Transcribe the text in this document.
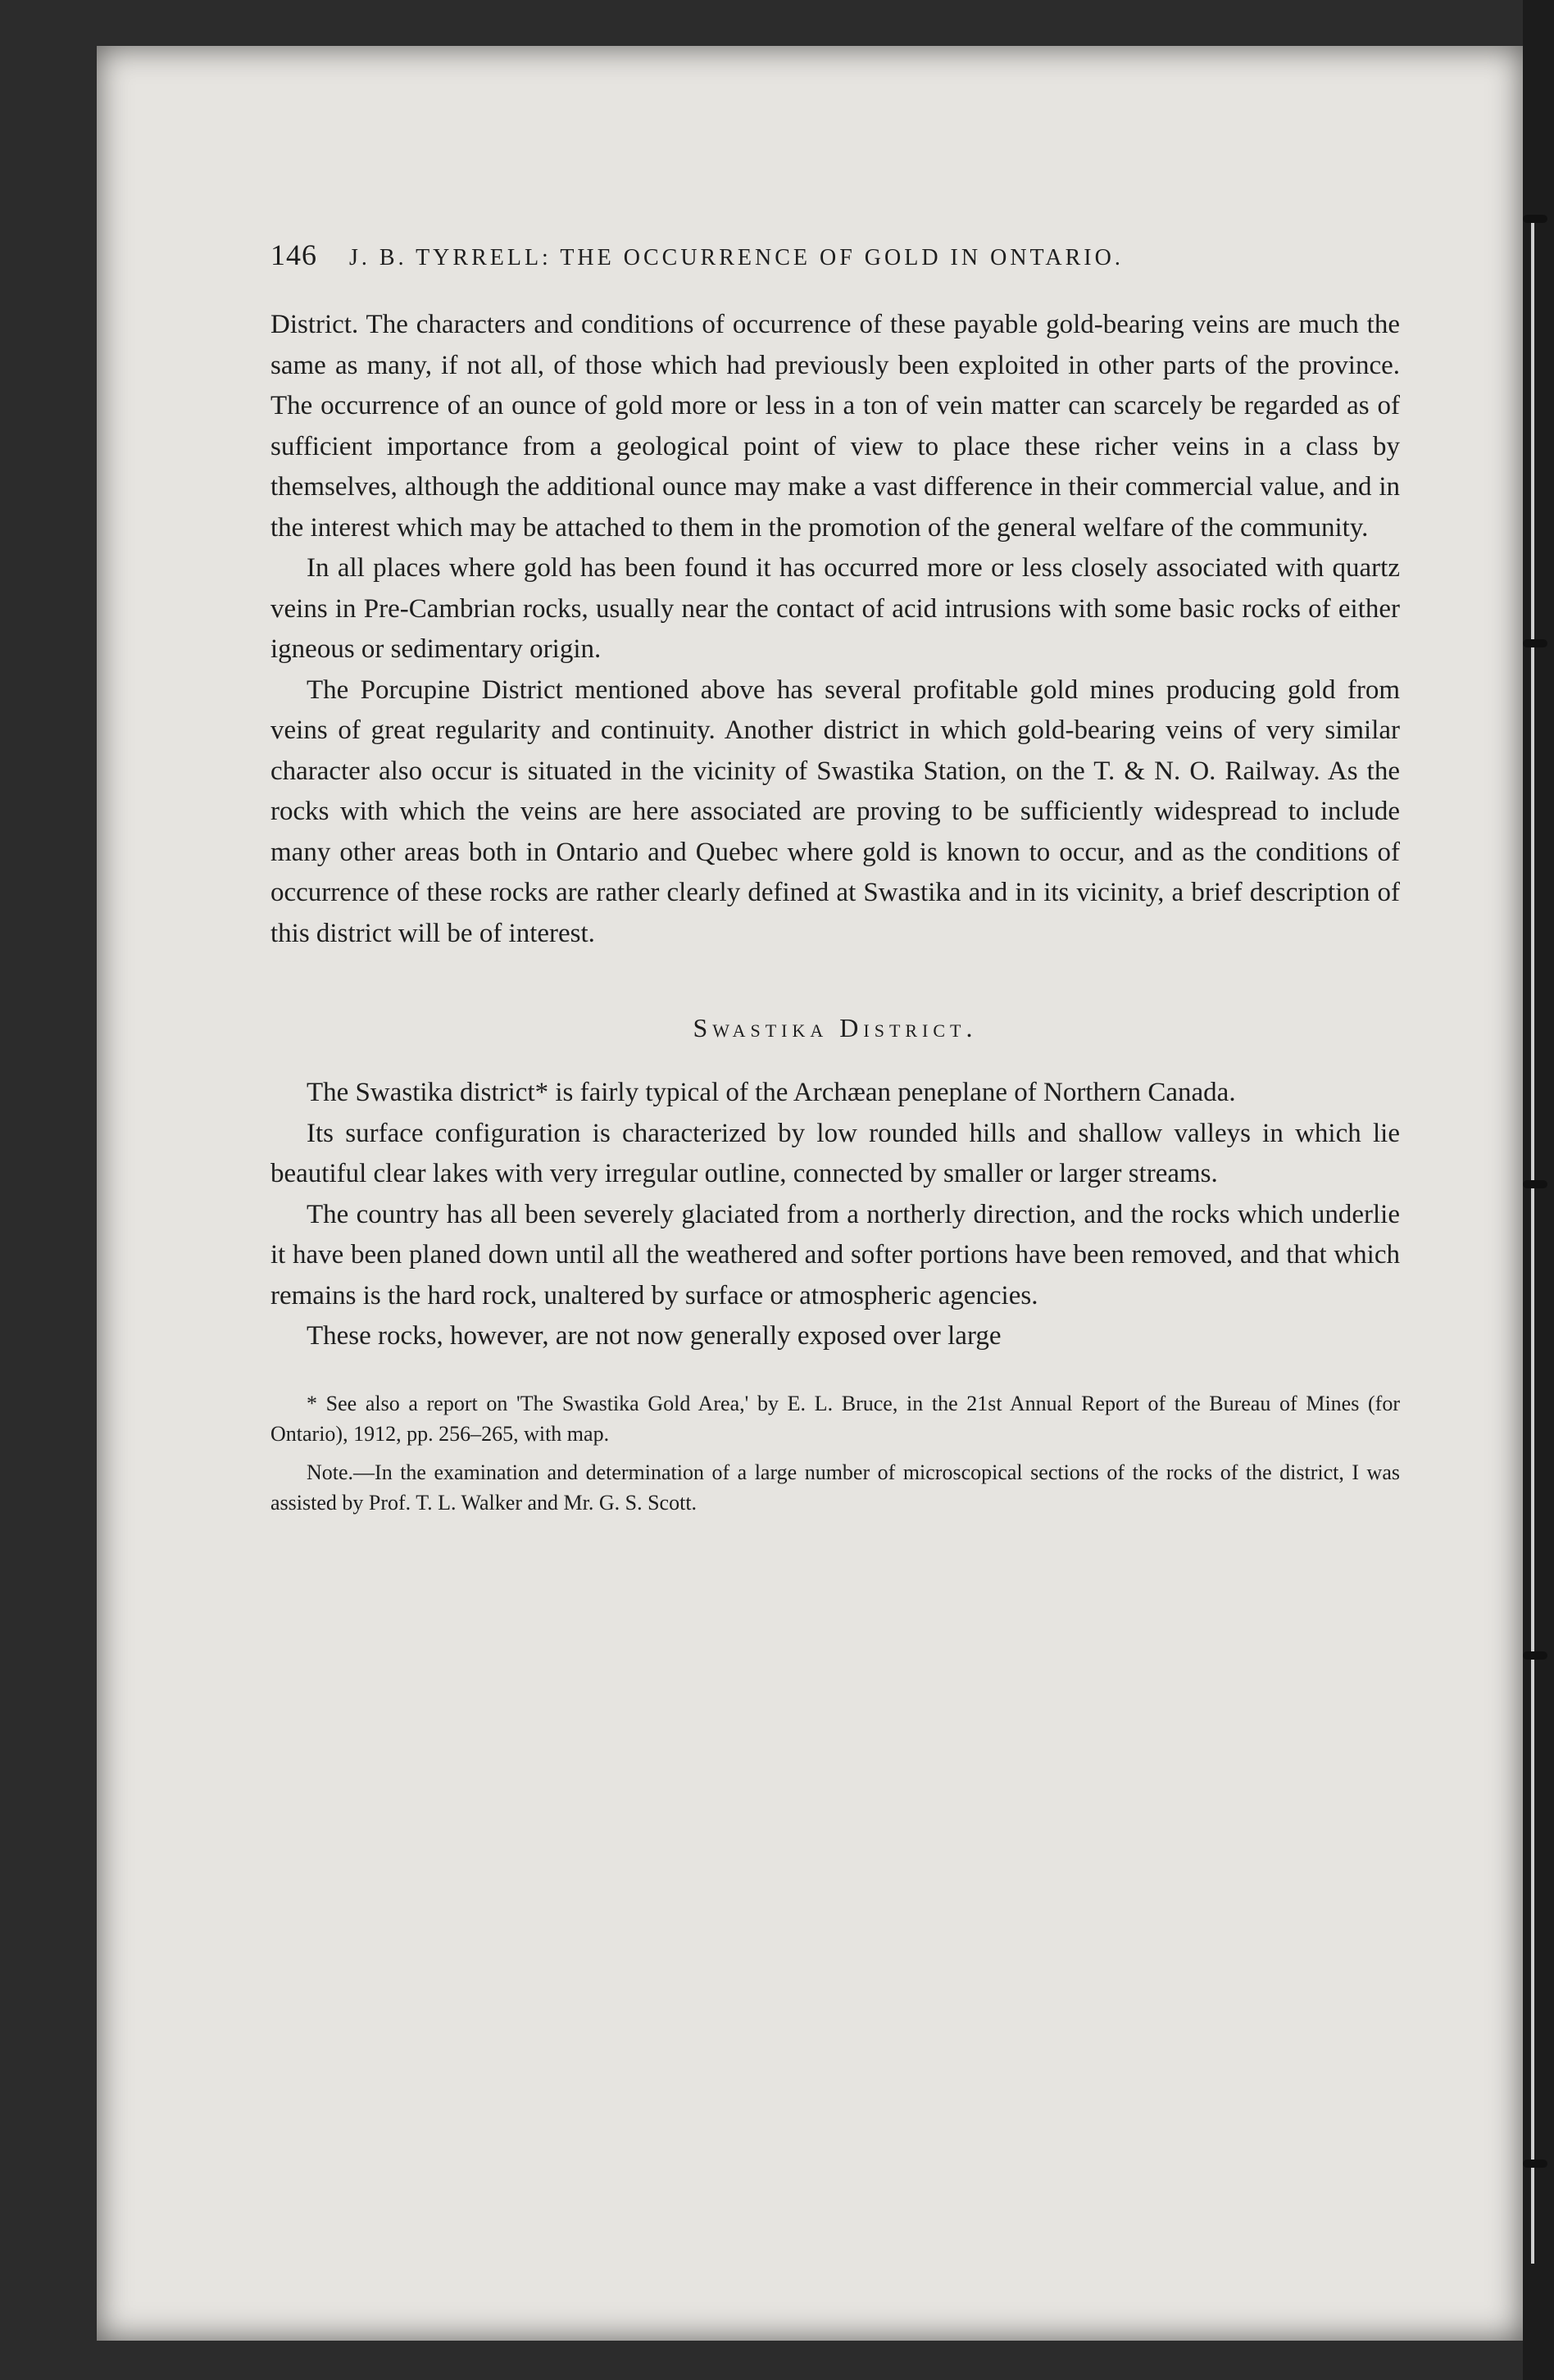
146 J. B. TYRRELL: THE OCCURRENCE OF GOLD IN ONTARIO.

District. The characters and conditions of occurrence of these payable gold-bearing veins are much the same as many, if not all, of those which had previously been exploited in other parts of the province. The occurrence of an ounce of gold more or less in a ton of vein matter can scarcely be regarded as of sufficient importance from a geological point of view to place these richer veins in a class by themselves, although the additional ounce may make a vast difference in their commercial value, and in the interest which may be attached to them in the promotion of the general welfare of the community.

In all places where gold has been found it has occurred more or less closely associated with quartz veins in Pre-Cambrian rocks, usually near the contact of acid intrusions with some basic rocks of either igneous or sedimentary origin.

The Porcupine District mentioned above has several profitable gold mines producing gold from veins of great regularity and continuity. Another district in which gold-bearing veins of very similar character also occur is situated in the vicinity of Swastika Station, on the T. & N. O. Railway. As the rocks with which the veins are here associated are proving to be sufficiently widespread to include many other areas both in Ontario and Quebec where gold is known to occur, and as the conditions of occurrence of these rocks are rather clearly defined at Swastika and in its vicinity, a brief description of this district will be of interest.

Swastika District.

The Swastika district* is fairly typical of the Archæan peneplane of Northern Canada.

Its surface configuration is characterized by low rounded hills and shallow valleys in which lie beautiful clear lakes with very irregular outline, connected by smaller or larger streams.

The country has all been severely glaciated from a northerly direction, and the rocks which underlie it have been planed down until all the weathered and softer portions have been removed, and that which remains is the hard rock, unaltered by surface or atmospheric agencies.

These rocks, however, are not now generally exposed over large

* See also a report on 'The Swastika Gold Area,' by E. L. Bruce, in the 21st Annual Report of the Bureau of Mines (for Ontario), 1912, pp. 256–265, with map.

Note.—In the examination and determination of a large number of microscopical sections of the rocks of the district, I was assisted by Prof. T. L. Walker and Mr. G. S. Scott.
